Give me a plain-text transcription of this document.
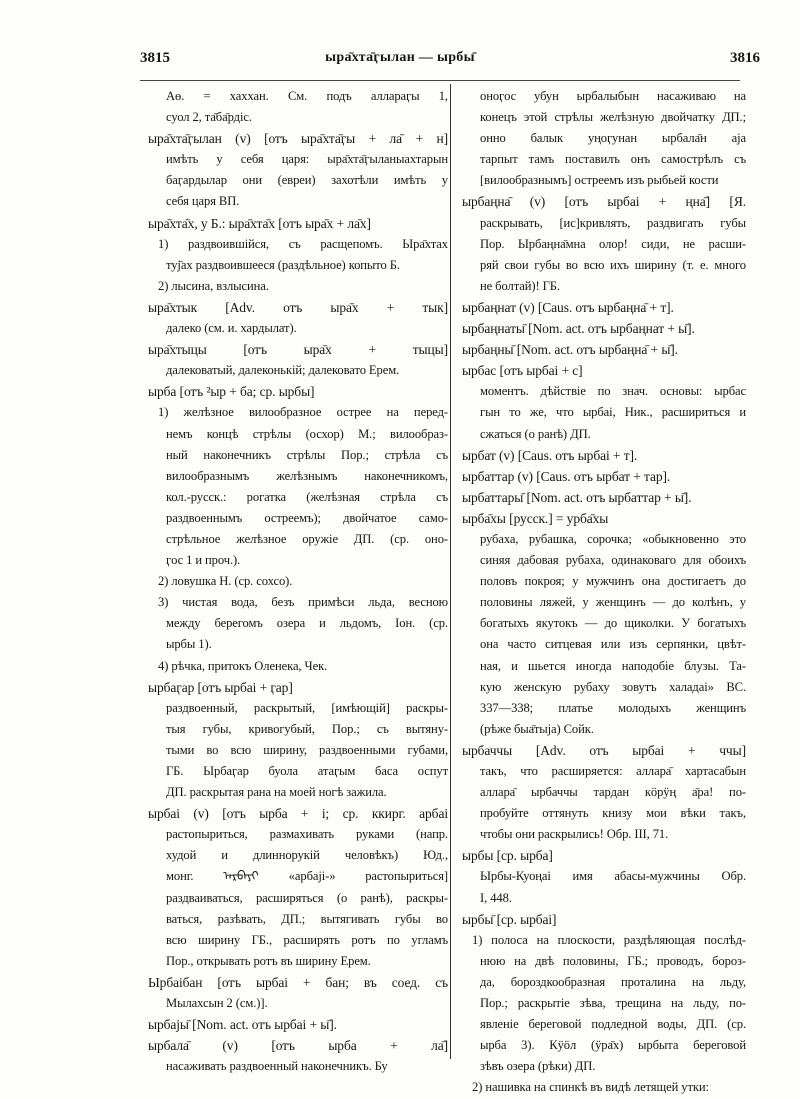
3815	ыра̄хта̄ӷылан — ырбы̄	3816
Аө. = хаххан. См. подъ аллараӷы 1,
суол 2, та̄ба̄рдіс.
ыра̄хта̄ӷылан (v) [отъ ыра̄хта̄ӷы + ла̄ + н]
имѣть у себя царя: ыра̄хта̄ӷыланыахтарын
баӷардылар они (евреи) захотѣли имѣть у
себя царя ВП.
ыра̄хта̄х, у Б.: ыра̄хта̄х [отъ ыра̄х + ла̄х]
1) раздвоившійся, съ расщепомъ. Ыра̄хтах
туј̄ах раздвоившееся (раздѣльное) копыто Б.
2) лысина, взлысина.
ыра̄хтык [Adv. отъ ыра̄х + тык]
далеко (см. и. хардылат).
ыра̄хтыцы [отъ ыра̄х + тыцы]
далековатый, далеконькій; далековато Ерем.
ырба [отъ ²ыр + ба; ср. ырбы]
1) желѣзное вилообразное острее на перед-
немъ концѣ стрѣлы (осхор) М.; вилообраз-
ный наконечникъ стрѣлы Пор.; стрѣла съ
вилообразнымъ желѣзнымъ наконечникомъ,
кол.-русск.: рогатка (желѣзная стрѣла съ
раздвоеннымъ остреемъ); двойчатое само-
стрѣльное желѣзное оружіе ДП. (ср. оно-
ӷос 1 и проч.).
2) ловушка Н. (ср. сохсо).
3) чистая вода, безъ примѣси льда, весною
между берегомъ озера и льдомъ, Іон. (ср.
ырбы 1).
4) рѣчка, притокъ Оленека, Чек.
ырбаӷар [отъ ырбаі + ӷар]
раздвоенный, раскрытый, [имѣющій] раскры-
тыя губы, кривогубый, Пор.; съ вытяну-
тыми во всю ширину, раздвоенными губами,
ГБ. Ырбаӷар буола атаӷым баса оспут
ДП. раскрытая рана на моей ногѣ зажила.
ырбаі (v) [отъ ырба + і; ср. ккирг. арбаі
растопыриться, размахивать руками (напр.
худой и длиннорукій человѣкъ) Юд.,
монг. ᠠᠷᠪᠠᠶᠢ «арбаjі-» растопыриться]
раздваиваться, расширяться (о ранѣ), раскры-
ваться, разѣвать, ДП.; вытягивать губы во
всю ширину ГБ., расширять ротъ по угламъ
Пор., открывать ротъ въ ширину Ерем.
Ырбаібан [отъ ырбаі + бан; въ соед. съ
Мылахсын 2 (см.)].
ырбаjы̄ [Nom. act. отъ ырбаі + ы̄].
ырбала̄ (v) [отъ ырба + ла̄]
насаживать раздвоенный наконечникъ. Бу
оноӷос убун ырбалыбын насаживаю на
конецъ этой стрѣлы желѣзную двойчатку ДП.;
онно балык уңоӷунан ырбала̄н аја
тарпыт тамъ поставилъ онъ самострѣлъ съ
[вилообразнымъ] остреемъ изъ рыбьей кости
ырбаңна̄ (v) [отъ ырбаі + ңна̄] [Я.
раскрывать, [ис]кривлять, раздвигать губы
Пор. Ырбаңна̄мна олор! сиди, не расши-
ряй свои губы во всю ихъ ширину (т. е. много
не болтай)! ГБ.
ырбаңнат (v) [Caus. отъ ырбаңна̄ + т].
ырбаңнаты̄ [Nom. act. отъ ырбаңнат + ы̄].
ырбаңны̄ [Nom. act. отъ ырбаңна̄ + ы̄].
ырбас [отъ ырбаі + с]
моментъ. дѣйствіе по знач. основы: ырбас
гын то же, что ырбаі, Ник., расшириться и
сжаться (о ранѣ) ДП.
ырбат (v) [Caus. отъ ырбаі + т].
ырбаттар (v) [Caus. отъ ырбат + тар].
ырбаттары̄ [Nom. act. отъ ырбаттар + ы̄].
ырба̄хы [русск.] = урба̄хы
рубаха, рубашка, сорочка; «обыкновенно это
синяя дабовая рубаха, одинаковаго для обоихъ
половъ покроя; у мужчинъ она достигаетъ до
половины ляжей, у женщинъ — до колѣнъ, у
богатыхъ якутокъ — до щиколки. У богатыхъ
она часто ситцевая или изъ серпянки, цвѣт-
ная, и шьется иногда наподобіе блузы. Та-
кую женскую рубаху зовутъ халадаі» ВС.
337—338; платье молодыхъ женщинъ
(рѣже быа̄тыја) Сойк.
ырбаччы [Adv. отъ ырбаі + ччы]
такъ, что расширяется: аллара̄ хартасабын
аллара̄ ырбаччы тардан кӧрӱң а̄ра! по-
пробуйте оттянуть книзу мои вѣки такъ,
чтобы они раскрылись! Обр. III, 71.
ырбы [ср. ырба]
Ырбы-Куоңаі имя абасы-мужчины Обр.
I, 448.
ырбы̄ [ср. ырбаі]
1) полоса на плоскости, раздѣляющая послѣд-
нюю на двѣ половины, ГБ.; проводъ, бороз-
да, бороздкообразная проталина на льду,
Пор.; раскрытіе зѣва, трещина на льду, по-
явленіе береговой подледной воды, ДП. (ср.
ырба 3). Кӱӧл (ӱра̄х) ырбыта береговой
зѣвъ озера (рѣки) ДП.
2) нашивка на спинкѣ въ видѣ летящей утки:
